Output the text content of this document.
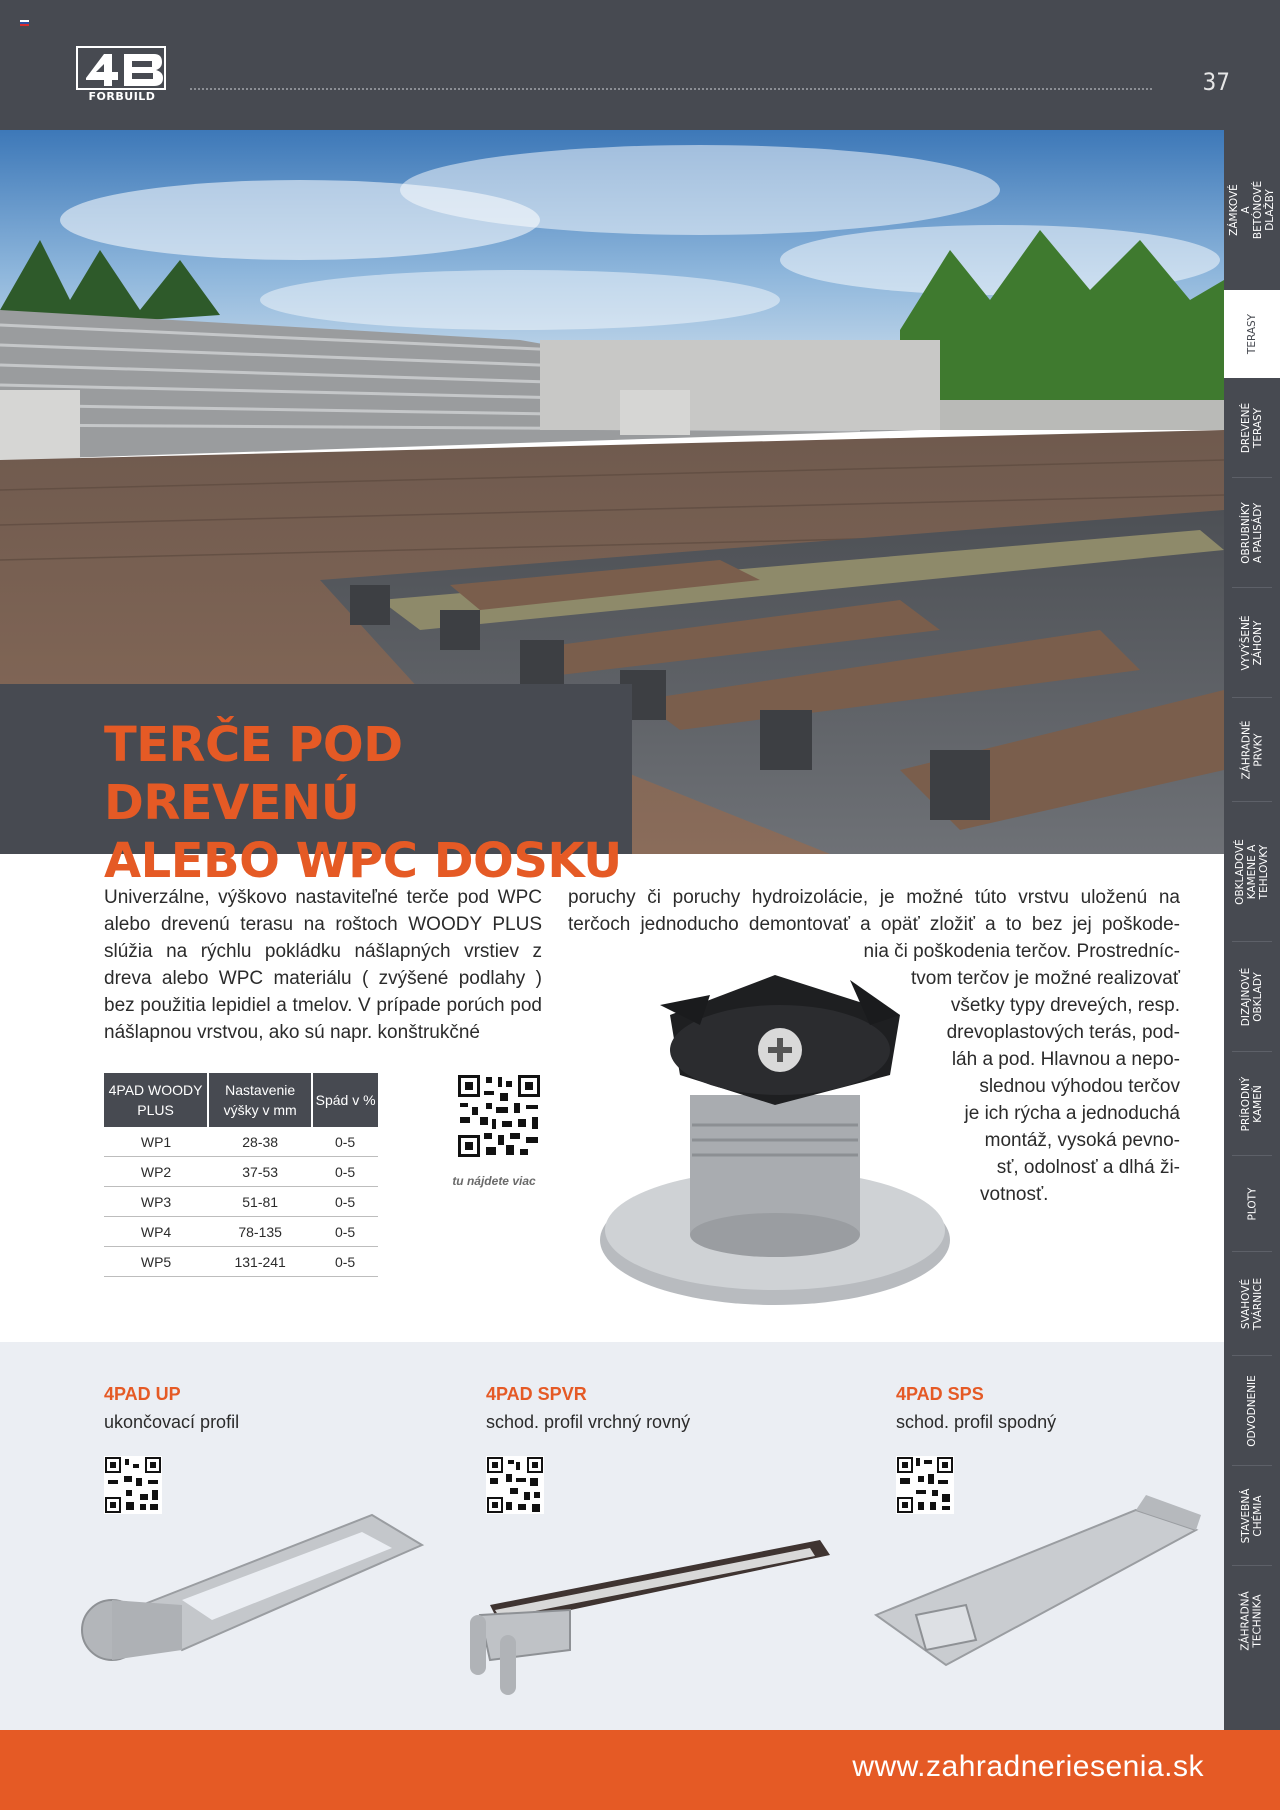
FORBUILD
37
TERČE POD DREVENÚ
ALEBO WPC DOSKU
ZÁMKOVÉ A BETÓNOVÉ DLAŽBY
TERASY
DREVENÉ TERASY
OBRUBNÍKY A PALISÁDY
VYVÝŠENÉ ZÁHONY
ZÁHRADNÉ PRVKY
OBKLADOVÉ KAMENE A TEHLOVKY
DIZAJNOVÉ OBKLADY
PRÍRODNÝ KAMEŇ
PLOTY
SVAHOVÉ TVÁRNICE
ODVODNENIE
STAVEBNÁ CHÉMIA
ZÁHRADNÁ TECHNIKA
Univerzálne, výškovo nastaviteľné terče pod WPC alebo drevenú terasu na roštoch WOODY PLUS slúžia na rýchlu pokládku nášlapných vrstiev z dreva alebo WPC materiálu ( zvýšené podlahy ) bez použitia lepidiel a tmelov. V prípade porúch pod nášlapnou vrstvou, ako sú napr. konštrukčné
poruchy či poruchy hydroizolácie, je možné túto vrstvu uloženú na
terčoch jednoducho demontovať a opäť zložiť a to bez jej poškode-
nia či poškodenia terčov. Prostredníc-
tvom terčov je možné realizovať
všetky typy dreveých, resp.
drevoplastových terás, pod-
láh a pod. Hlavnou a nepo-
slednou výhodou terčov
je ich rýcha a jednoduchá
montáž, vysoká pevno-
sť, odolnosť a dlhá ži-
votnosť.
4PAD WOODY PLUS	Nastavenie výšky v mm	Spád v %
WP1	28-38	0-5
WP2	37-53	0-5
WP3	51-81	0-5
WP4	78-135	0-5
WP5	131-241	0-5
tu nájdete viac
4PAD UP
ukončovací profil
4PAD SPVR
schod. profil vrchný rovný
4PAD SPS
schod. profil spodný
www.zahradneriesenia.sk
